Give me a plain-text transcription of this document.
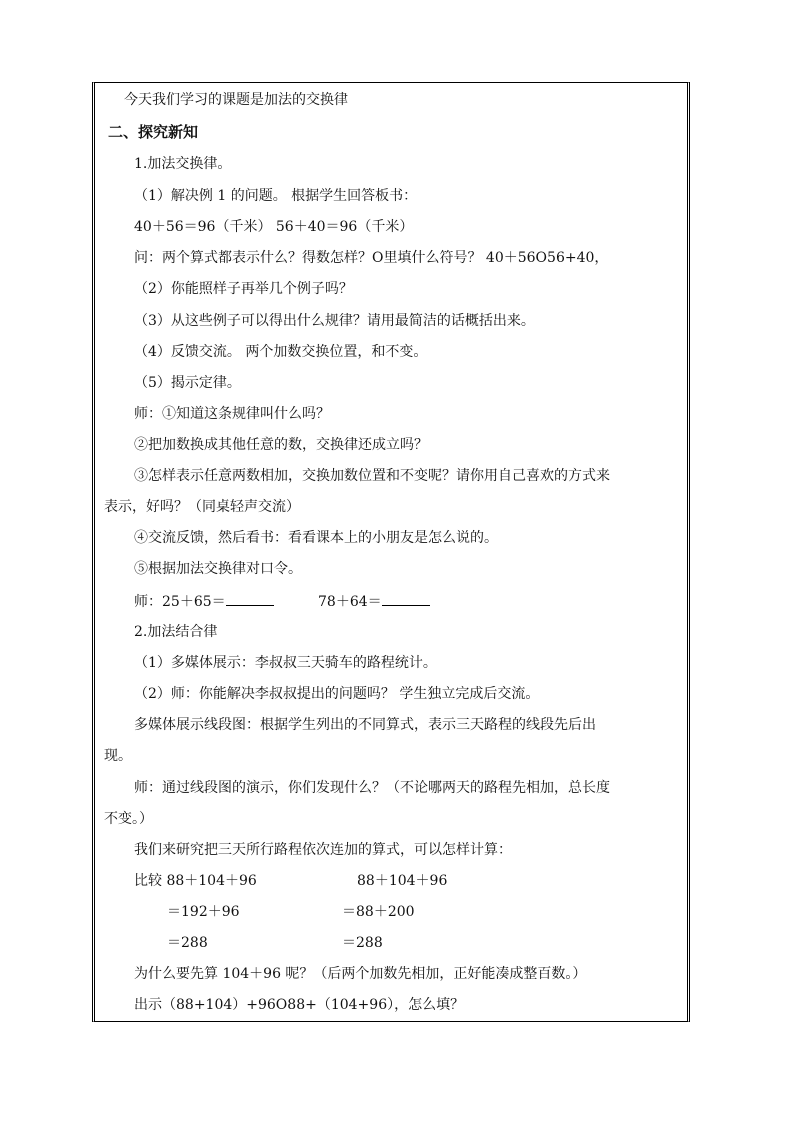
今天我们学习的课题是加法的交换律
二、探究新知
1.加法交换律。
（1）解决例 1 的问题。 根据学生回答板书：
40＋56＝96（千米） 56＋40＝96（千米）
问：两个算式都表示什么？得数怎样？O里填什么符号？ 40＋56O56+40，
（2）你能照样子再举几个例子吗？
（3）从这些例子可以得出什么规律？请用最简洁的话概括出来。
（4）反馈交流。 两个加数交换位置，和不变。
（5）揭示定律。
师：①知道这条规律叫什么吗？
②把加数换成其他任意的数，交换律还成立吗？
③怎样表示任意两数相加，交换加数位置和不变呢？请你用自己喜欢的方式来
表示，好吗？（同桌轻声交流）
④交流反馈，然后看书：看看课本上的小朋友是怎么说的。
⑤根据加法交换律对口令。
师：25＋65＝	78＋64＝
2.加法结合律
（1）多媒体展示：李叔叔三天骑车的路程统计。
（2）师：你能解决李叔叔提出的问题吗？ 学生独立完成后交流。
多媒体展示线段图：根据学生列出的不同算式，表示三天路程的线段先后出
现。
师：通过线段图的演示，你们发现什么？（不论哪两天的路程先相加，总长度
不变。）
我们来研究把三天所行路程依次连加的算式，可以怎样计算：
比较 88＋104＋96	88＋104＋96
＝192＋96	＝88＋200
＝288	＝288
为什么要先算 104＋96 呢？（后两个加数先相加，正好能凑成整百数。）
出示（88+104）+96O88+（104+96），怎么填？
